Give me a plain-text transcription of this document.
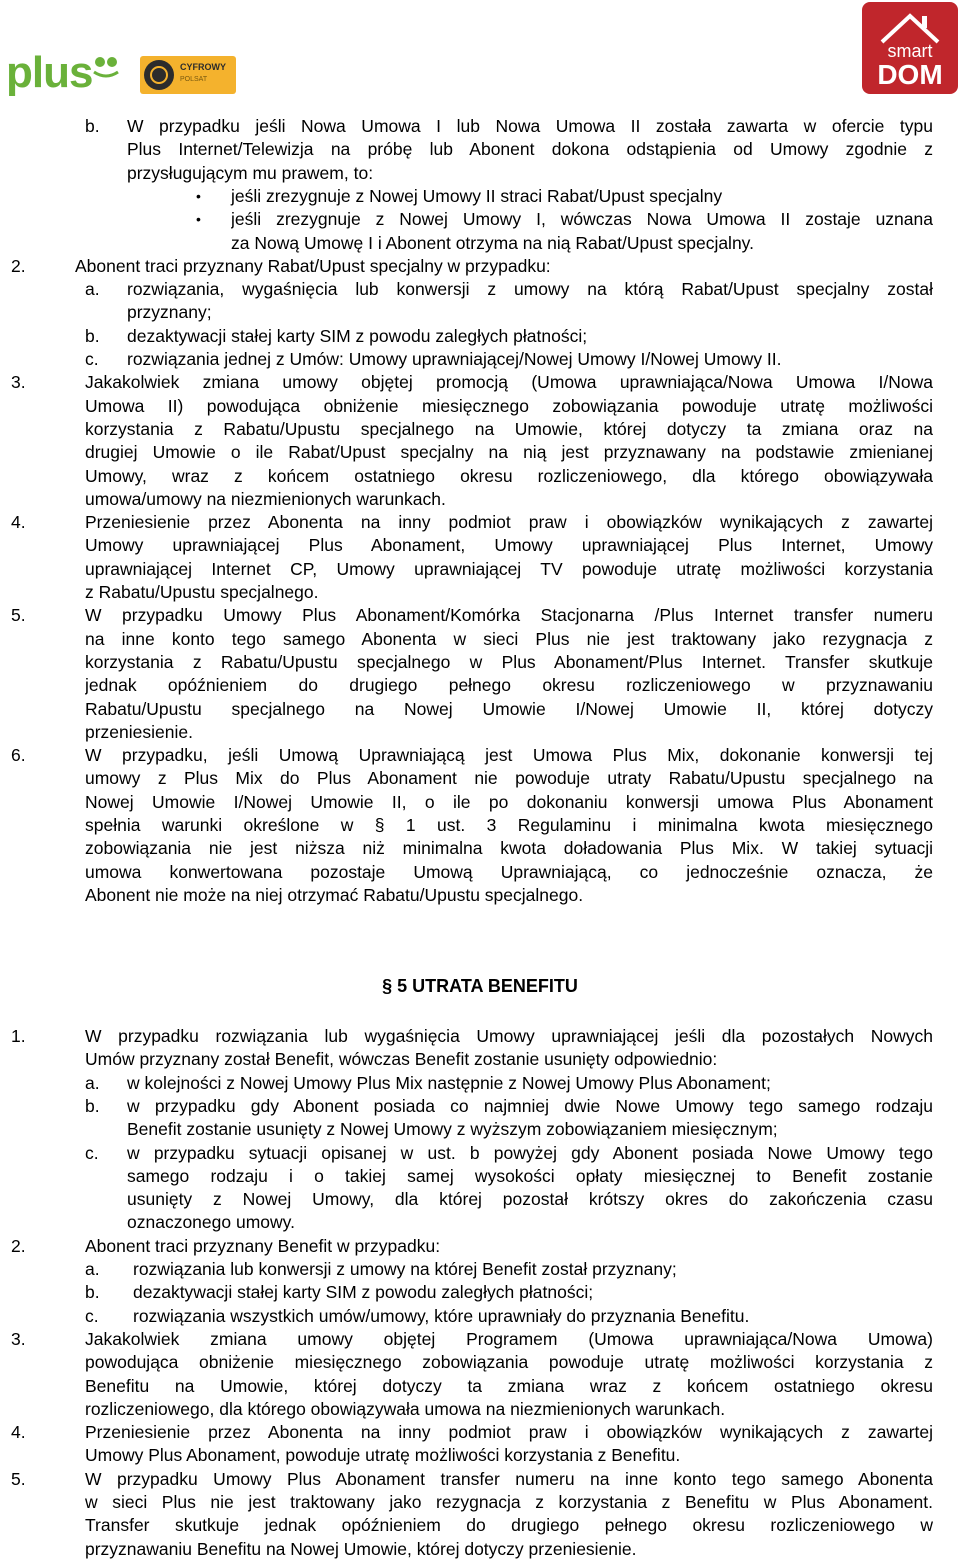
plus	CYFROWY
POLSAT
smart
DOM
b. W przypadku jeśli Nowa Umowa I lub Nowa Umowa II została zawarta w ofercie typu
Plus Internet/Telewizja na próbę lub Abonent dokona odstąpienia od Umowy zgodnie z
przysługującym mu prawem, to:
• jeśli zrezygnuje z Nowej Umowy II straci Rabat/Upust specjalny
• jeśli zrezygnuje z Nowej Umowy I, wówczas Nowa Umowa II zostaje uznana
za Nową Umowę I i Abonent otrzyma na nią Rabat/Upust specjalny.
2.	Abonent traci przyznany Rabat/Upust specjalny w przypadku:
a. rozwiązania, wygaśnięcia lub konwersji z umowy na którą Rabat/Upust specjalny został
przyznany;
b. dezaktywacji stałej karty SIM z powodu zaległych płatności;
c. rozwiązania jednej z Umów: Umowy uprawniającej/Nowej Umowy I/Nowej Umowy II.
3.	Jakakolwiek zmiana umowy objętej promocją (Umowa uprawniająca/Nowa Umowa I/Nowa
Umowa II) powodująca obniżenie miesięcznego zobowiązania powoduje utratę możliwości
korzystania z Rabatu/Upustu specjalnego na Umowie, której dotyczy ta zmiana oraz na
drugiej Umowie o ile Rabat/Upust specjalny na nią jest przyznawany na podstawie zmienianej
Umowy, wraz z końcem ostatniego okresu rozliczeniowego, dla którego obowiązywała
umowa/umowy na niezmienionych warunkach.
4.	Przeniesienie przez Abonenta na inny podmiot praw i obowiązków wynikających z zawartej
Umowy uprawniającej Plus Abonament, Umowy uprawniającej Plus Internet, Umowy
uprawniającej Internet CP, Umowy uprawniającej TV powoduje utratę możliwości korzystania
z Rabatu/Upustu specjalnego.
5.	W przypadku Umowy Plus Abonament/Komórka Stacjonarna /Plus Internet transfer numeru
na inne konto tego samego Abonenta w sieci Plus nie jest traktowany jako rezygnacja z
korzystania z Rabatu/Upustu specjalnego w Plus Abonament/Plus Internet. Transfer skutkuje
jednak opóźnieniem do drugiego pełnego okresu rozliczeniowego w przyznawaniu
Rabatu/Upustu specjalnego na Nowej Umowie I/Nowej Umowie II, której dotyczy
przeniesienie.
6.	W przypadku, jeśli Umową Uprawniającą jest Umowa Plus Mix, dokonanie konwersji tej
umowy z Plus Mix do Plus Abonament nie powoduje utraty Rabatu/Upustu specjalnego na
Nowej Umowie I/Nowej Umowie II, o ile po dokonaniu konwersji umowa Plus Abonament
spełnia warunki określone w § 1 ust. 3 Regulaminu i minimalna kwota miesięcznego
zobowiązania nie jest niższa niż minimalna kwota doładowania Plus Mix. W takiej sytuacji
umowa konwertowana pozostaje Umową Uprawniającą, co jednocześnie oznacza, że
Abonent nie może na niej otrzymać Rabatu/Upustu specjalnego.
1.	W przypadku rozwiązania lub wygaśnięcia Umowy uprawniającej jeśli dla pozostałych Nowych
Umów przyznany został Benefit, wówczas Benefit zostanie usunięty odpowiednio:
a. w kolejności z Nowej Umowy Plus Mix następnie z Nowej Umowy Plus Abonament;
b. w przypadku gdy Abonent posiada co najmniej dwie Nowe Umowy tego samego rodzaju
Benefit zostanie usunięty z Nowej Umowy z wyższym zobowiązaniem miesięcznym;
c. w przypadku sytuacji opisanej w ust. b powyżej gdy Abonent posiada Nowe Umowy tego
samego rodzaju i o takiej samej wysokości opłaty miesięcznej to Benefit zostanie
usunięty z Nowej Umowy, dla której pozostał krótszy okres do zakończenia czasu
oznaczonego umowy.
2.	Abonent traci przyznany Benefit w przypadku:
a. rozwiązania lub konwersji z umowy na której Benefit został przyznany;
b. dezaktywacji stałej karty SIM z powodu zaległych płatności;
c. rozwiązania wszystkich umów/umowy, które uprawniały do przyznania Benefitu.
3.	Jakakolwiek zmiana umowy objętej Programem (Umowa uprawniająca/Nowa Umowa)
powodująca obniżenie miesięcznego zobowiązania powoduje utratę możliwości korzystania z
Benefitu na Umowie, której dotyczy ta zmiana wraz z końcem ostatniego okresu
rozliczeniowego, dla którego obowiązywała umowa na niezmienionych warunkach.
4.	Przeniesienie przez Abonenta na inny podmiot praw i obowiązków wynikających z zawartej
Umowy Plus Abonament, powoduje utratę możliwości korzystania z Benefitu.
5.	W przypadku Umowy Plus Abonament transfer numeru na inne konto tego samego Abonenta
w sieci Plus nie jest traktowany jako rezygnacja z korzystania z Benefitu w Plus Abonament.
Transfer skutkuje jednak opóźnieniem do drugiego pełnego okresu rozliczeniowego w
przyznawaniu Benefitu na Nowej Umowie, której dotyczy przeniesienie.
§ 5 UTRATA BENEFITU
